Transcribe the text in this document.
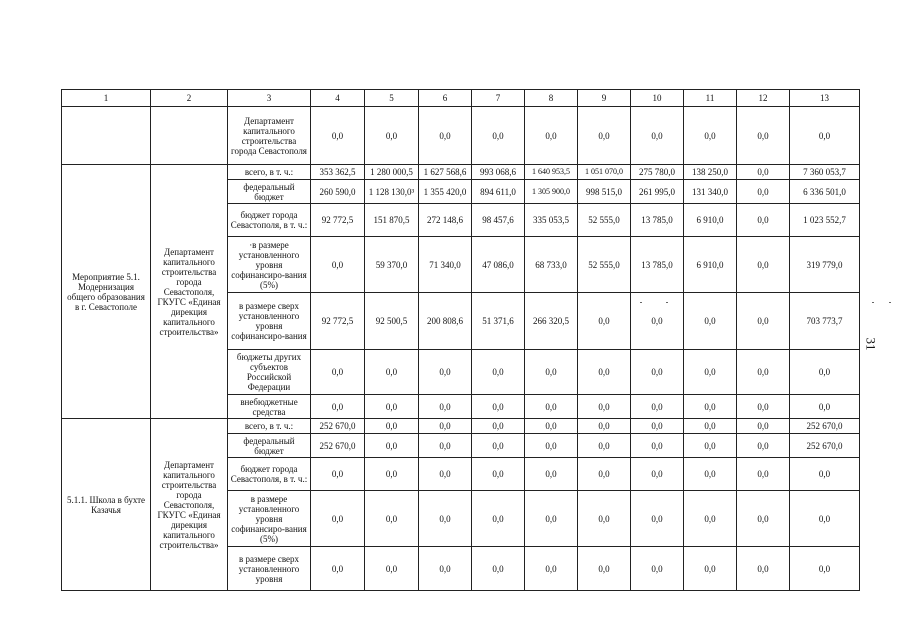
1	2	3	4	5	6	7	8	9	10	11	12	13
		Департамент капитального строительства города Севастополя	0,0	0,0	0,0	0,0	0,0	0,0	0,0	0,0	0,0	0,0
Мероприятие 5.1. Модернизация общего образования в г. Севастополе	Департамент капитального строительства города Севастополя, ГКУГС «Единая дирекция капитального строительства»	всего, в т. ч.:	353 362,5	1 280 000,5	1 627 568,6	993 068,6	1 640 953,5	1 051 070,0	275 780,0	138 250,0	0,0	7 360 053,7
		федеральный бюджет	260 590,0	1 128 130,0³	1 355 420,0	894 611,0	1 305 900,0	998 515,0	261 995,0	131 340,0	0,0	6 336 501,0
		бюджет города Севастополя, в т. ч.:	92 772,5	151 870,5	272 148,6	98 457,6	335 053,5	52 555,0	13 785,0	6 910,0	0,0	1 023 552,7
		·в размере установленного уровня софинансиро-вания (5%)	0,0	59 370,0	71 340,0	47 086,0	68 733,0	52 555,0	13 785,0	6 910,0	0,0	319 779,0
		в размере сверх установленного уровня софинансиро-вания	92 772,5	92 500,5	200 808,6	51 371,6	266 320,5	0,0	0,0	0,0	0,0	703 773,7
		бюджеты других субъектов Российской Федерации	0,0	0,0	0,0	0,0	0,0	0,0	0,0	0,0	0,0	0,0
		внебюджетные средства	0,0	0,0	0,0	0,0	0,0	0,0	0,0	0,0	0,0	0,0
5.1.1. Школа в бухте Казачья	Департамент капитального строительства города Севастополя, ГКУГС «Единая дирекция капитального строительства»	всего, в т. ч.:	252 670,0	0,0	0,0	0,0	0,0	0,0	0,0	0,0	0,0	252 670,0
		федеральный бюджет	252 670,0	0,0	0,0	0,0	0,0	0,0	0,0	0,0	0,0	252 670,0
		бюджет города Севастополя, в т. ч.:	0,0	0,0	0,0	0,0	0,0	0,0	0,0	0,0	0,0	0,0
		в размере установленного уровня софинансиро-вания (5%)	0,0	0,0	0,0	0,0	0,0	0,0	0,0	0,0	0,0	0,0
		в размере сверх установленного уровня	0,0	0,0	0,0	0,0	0,0	0,0	0,0	0,0	0,0	0,0
31
